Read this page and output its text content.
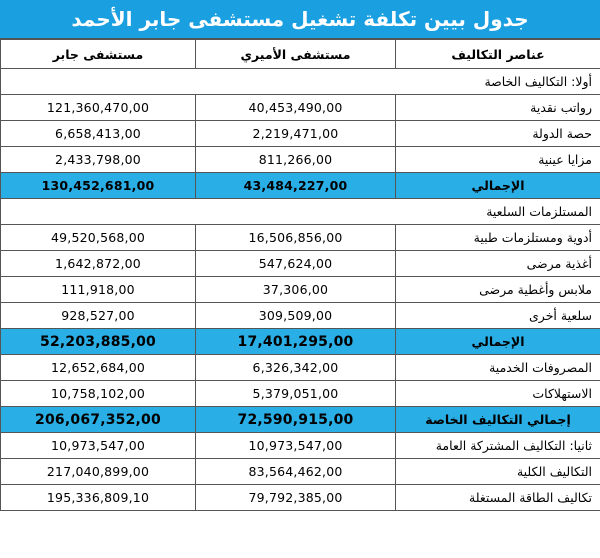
جدول بيين تكلفة تشغيل مستشفى جابر الأحمد
عناصر التكاليف	مستشفى الأميري	مستشفى جابر
أولا: التكاليف الخاصة		
رواتب نقدية	40,453,490,00	121,360,470,00
حصة الدولة	2,219,471,00	6,658,413,00
مزايا عينية	811,266,00	2,433,798,00
الإجمالي	43,484,227,00	130,452,681,00
المستلزمات السلعية		
أدوية ومستلزمات طبية	16,506,856,00	49,520,568,00
أغذية مرضى	547,624,00	1,642,872,00
ملابس وأغطية مرضى	37,306,00	111,918,00
سلعية أخرى	309,509,00	928,527,00
الإجمالي	17,401,295,00	52,203,885,00
المصروفات الخدمية	6,326,342,00	12,652,684,00
الاستهلاكات	5,379,051,00	10,758,102,00
إجمالي التكاليف الخاصة	72,590,915,00	206,067,352,00
ثانيا: التكاليف المشتركة العامة	10,973,547,00	10,973,547,00
التكاليف الكلية	83,564,462,00	217,040,899,00
تكاليف الطاقة المستغلة	79,792,385,00	195,336,809,10
